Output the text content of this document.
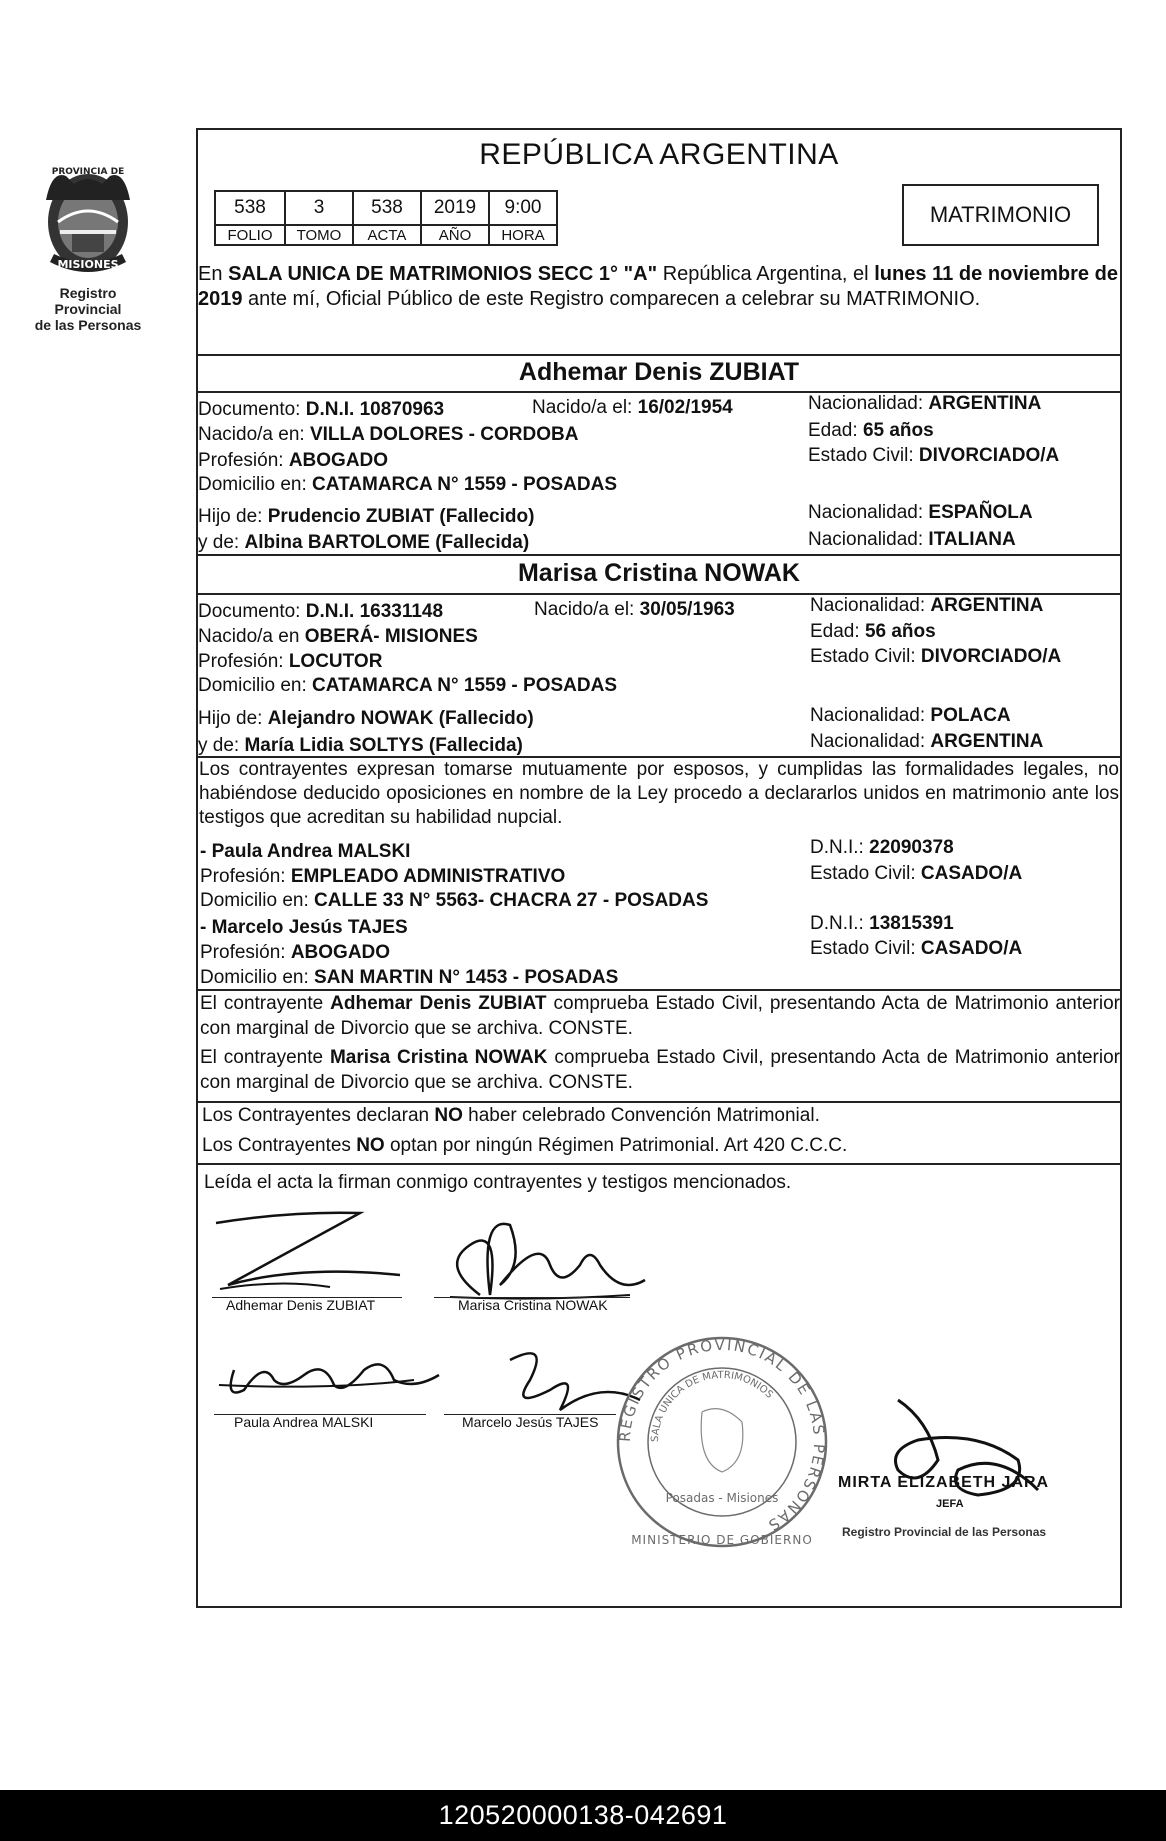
PROVINCIA DE
MISIONES
Registro Provincial
de las Personas
REPÚBLICA ARGENTINA
538	3	538	2019	9:00
FOLIO	TOMO	ACTA	AÑO	HORA
MATRIMONIO
En SALA UNICA DE MATRIMONIOS SECC 1° "A" República Argentina, el lunes 11 de noviembre de 2019 ante mí, Oficial Público de este Registro comparecen a celebrar su MATRIMONIO.
Adhemar Denis ZUBIAT
Documento: D.N.I. 10870963	Nacido/a el: 16/02/1954	Nacionalidad: ARGENTINA
Nacido/a en: VILLA DOLORES - CORDOBA	Edad: 65 años
Profesión: ABOGADO	Estado Civil: DIVORCIADO/A
Domicilio en: CATAMARCA N° 1559 - POSADAS
Hijo de: Prudencio ZUBIAT (Fallecido)	Nacionalidad: ESPAÑOLA
y de: Albina BARTOLOME (Fallecida)	Nacionalidad: ITALIANA
Marisa Cristina NOWAK
Documento: D.N.I. 16331148	Nacido/a el: 30/05/1963	Nacionalidad: ARGENTINA
Nacido/a en OBERÁ- MISIONES	Edad: 56 años
Profesión: LOCUTOR	Estado Civil: DIVORCIADO/A
Domicilio en: CATAMARCA N° 1559 - POSADAS
Hijo de: Alejandro NOWAK (Fallecido)	Nacionalidad: POLACA
y de: María Lidia SOLTYS (Fallecida)	Nacionalidad: ARGENTINA
Los contrayentes expresan tomarse mutuamente por esposos, y cumplidas las formalidades legales, no habiéndose deducido oposiciones en nombre de la Ley procedo a declararlos unidos en matrimonio ante los testigos que acreditan su habilidad nupcial.
- Paula Andrea MALSKI	D.N.I.: 22090378
Profesión: EMPLEADO ADMINISTRATIVO	Estado Civil: CASADO/A
Domicilio en: CALLE 33 N° 5563- CHACRA 27 - POSADAS
- Marcelo Jesús TAJES	D.N.I.: 13815391
Profesión: ABOGADO	Estado Civil: CASADO/A
Domicilio en: SAN MARTIN N° 1453 - POSADAS
El contrayente Adhemar Denis ZUBIAT comprueba Estado Civil, presentando Acta de Matrimonio anterior con marginal de Divorcio que se archiva. CONSTE.
El contrayente Marisa Cristina NOWAK comprueba Estado Civil, presentando Acta de Matrimonio anterior con marginal de Divorcio que se archiva. CONSTE.
Los Contrayentes declaran NO haber celebrado Convención Matrimonial.
Los Contrayentes NO optan por ningún Régimen Patrimonial. Art 420 C.C.C.
Leída el acta la firman conmigo contrayentes y testigos mencionados.
Adhemar Denis ZUBIAT	Marisa Cristina NOWAK
Paula Andrea MALSKI	Marcelo Jesús TAJES
REGISTRO PROVINCIAL DE LAS PERSONAS
SALA UNICA DE MATRIMONIOS
Posadas - Misiones
MINISTERIO DE GOBIERNO
MIRTA ELIZABETH JARA
JEFA
Registro Provincial de las Personas
120520000138-042691
